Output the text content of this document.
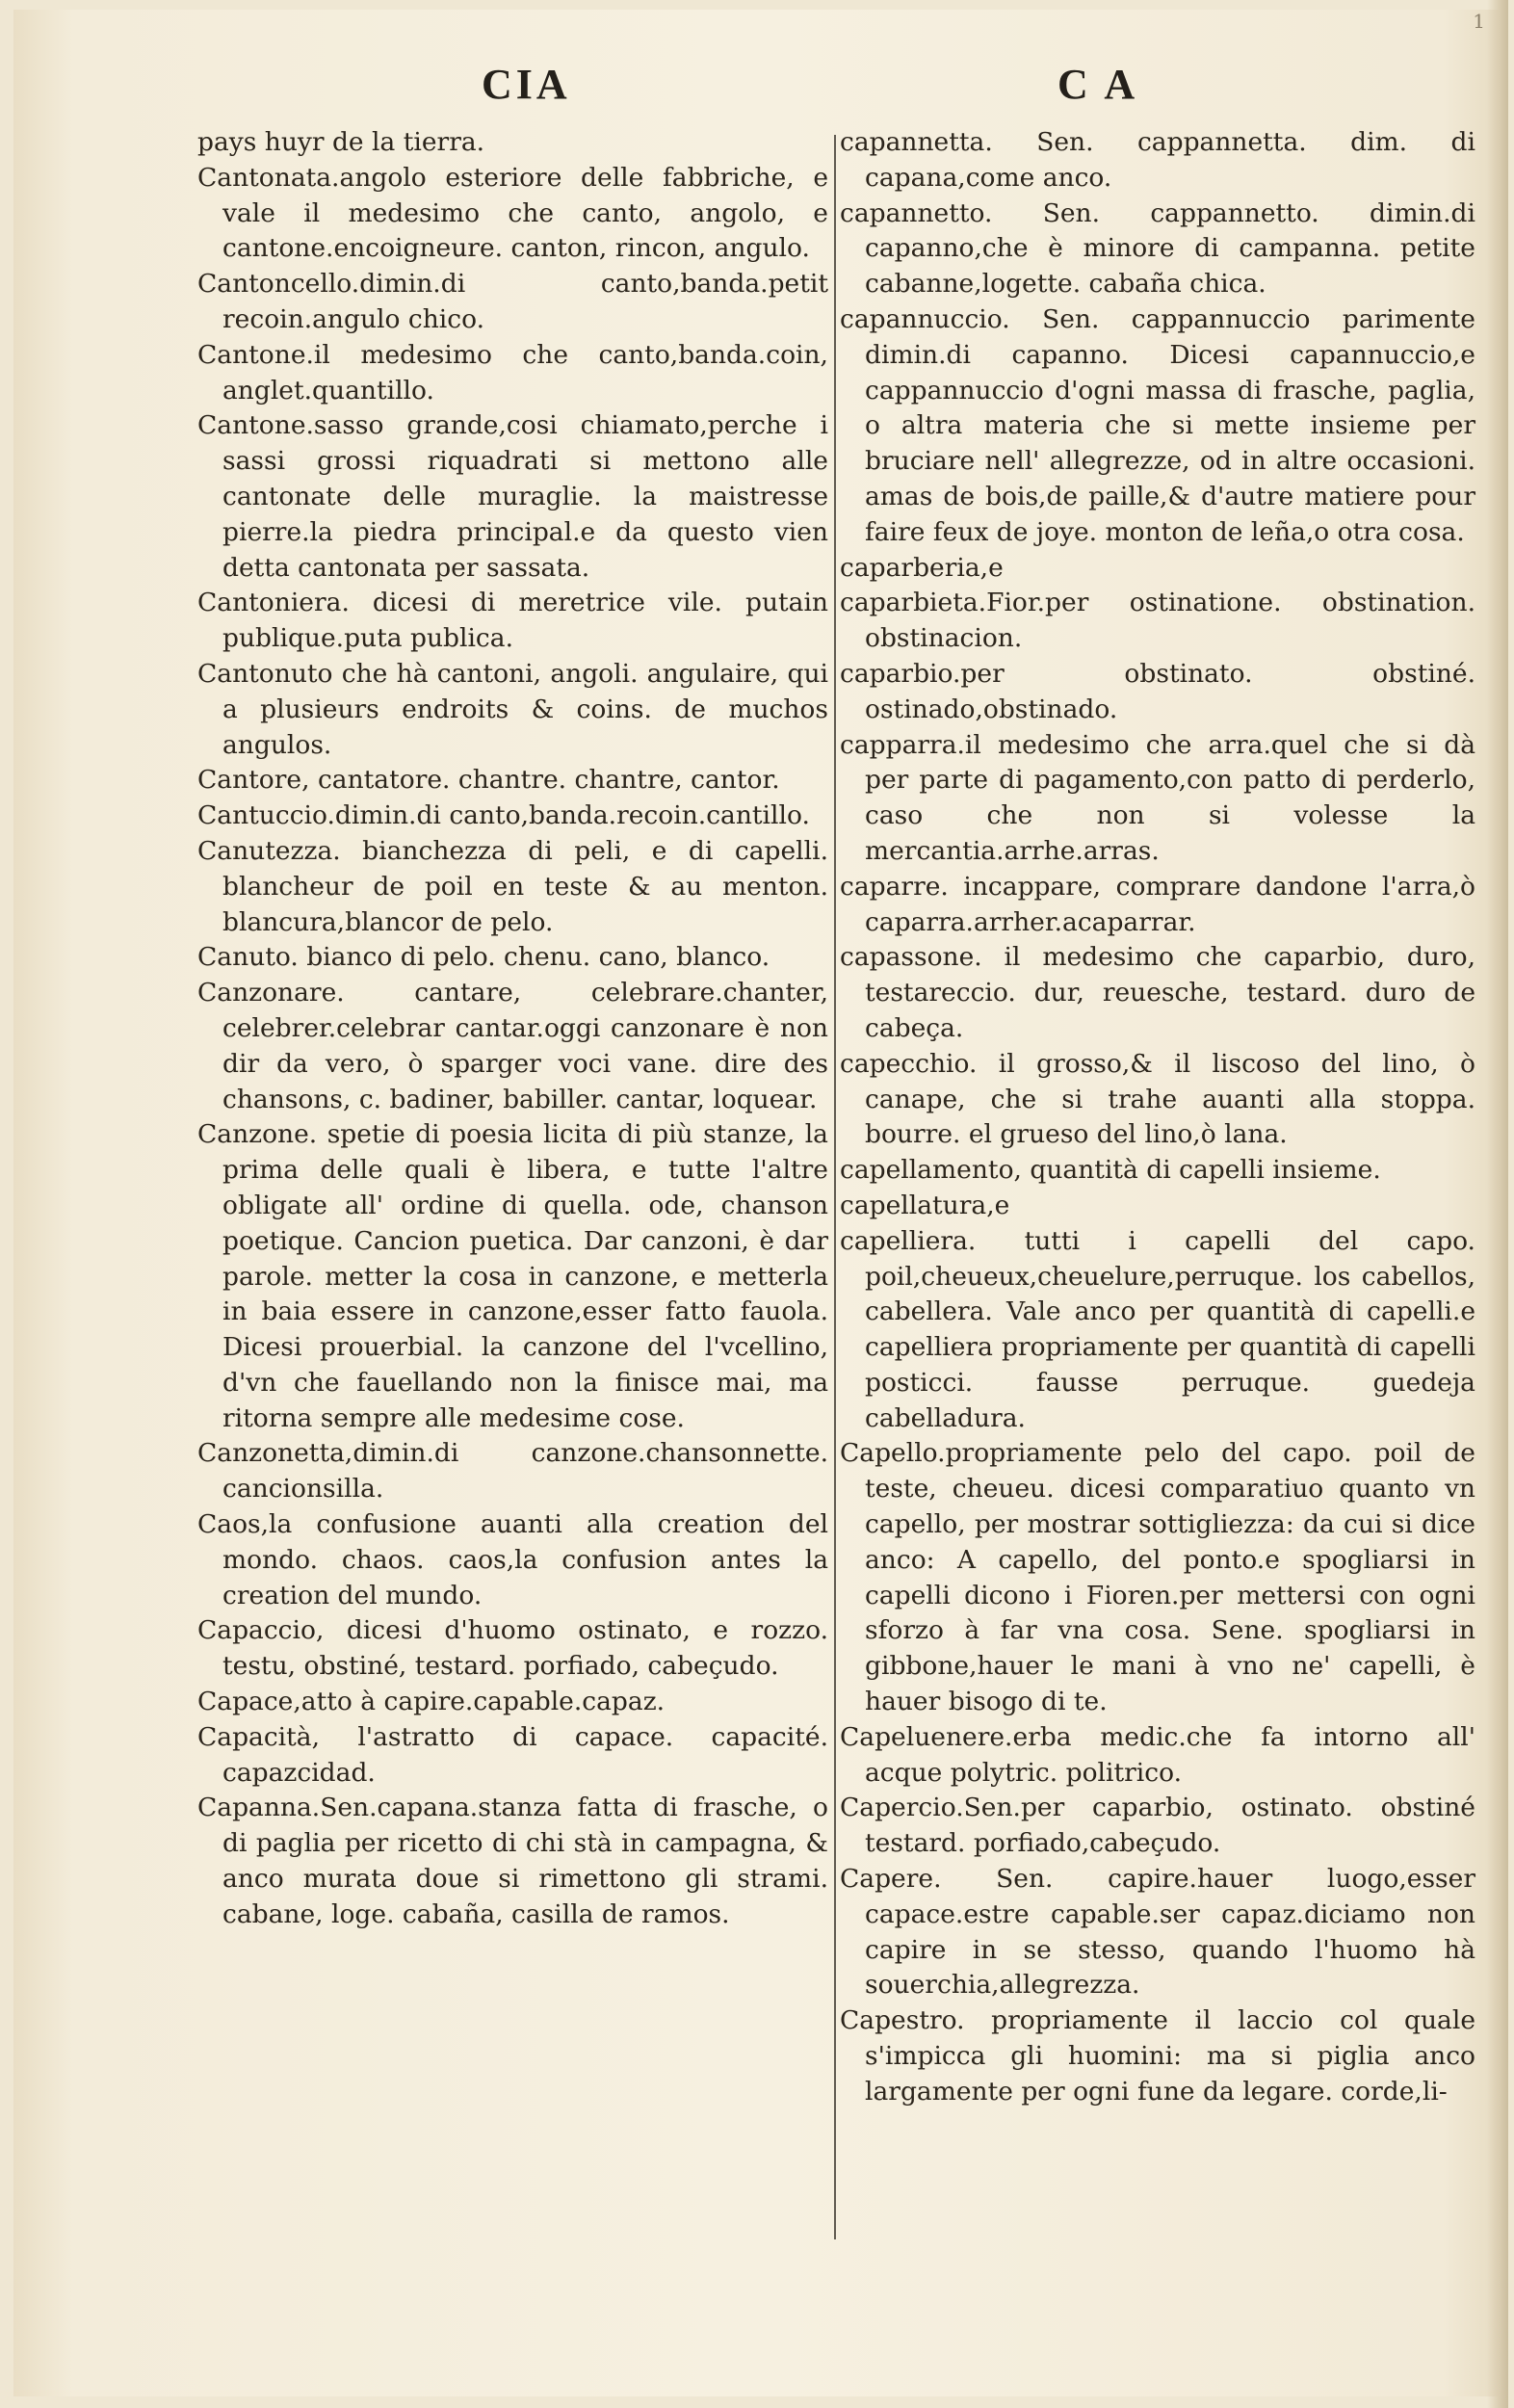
1
CIA	C A

pays huyr de la tierra.

Cantonata.angolo esteriore delle fabbriche, e vale il medesimo che canto, angolo, e cantone.encoigneure. canton, rincon, angulo.

Cantoncello.dimin.di canto,banda.petit recoin.angulo chico.

Cantone.il medesimo che canto,banda.coin, anglet.quantillo.

Cantone.sasso grande,cosi chiamato,perche i sassi grossi riquadrati si mettono alle cantonate delle muraglie. la maistresse pierre.la piedra principal.e da questo vien detta cantonata per sassata.

Cantoniera. dicesi di meretrice vile. putain publique.puta publica.

Cantonuto che hà cantoni, angoli. angulaire, qui a plusieurs endroits & coins. de muchos angulos.

Cantore, cantatore. chantre. chantre, cantor.

Cantuccio.dimin.di canto,banda.recoin.cantillo.

Canutezza. bianchezza di peli, e di capelli. blancheur de poil en teste & au menton. blancura,blancor de pelo.

Canuto. bianco di pelo. chenu. cano, blanco.

Canzonare. cantare, celebrare.chanter, celebrer.celebrar cantar.oggi canzonare è non dir da vero, ò sparger voci vane. dire des chansons, c. badiner, babiller. cantar, loquear.

Canzone. spetie di poesia licita di più stanze, la prima delle quali è libera, e tutte l'altre obligate all' ordine di quella. ode, chanson poetique. Cancion puetica. Dar canzoni, è dar parole. metter la cosa in canzone, e metterla in baia essere in canzone,esser fatto fauola. Dicesi prouerbial. la canzone del l'vcellino, d'vn che fauellando non la finisce mai, ma ritorna sempre alle medesime cose.

Canzonetta,dimin.di canzone.chansonnette. cancionsilla.

Caos,la confusione auanti alla creation del mondo. chaos. caos,la confusion antes la creation del mundo.

Capaccio, dicesi d'huomo ostinato, e rozzo. testu, obstiné, testard. porfiado, cabeçudo.

Capace,atto à capire.capable.capaz.

Capacità, l'astratto di capace. capacité. capazcidad.

Capanna.Sen.capana.stanza fatta di frasche, o di paglia per ricetto di chi stà in campagna, & anco murata doue si rimettono gli strami. cabane, loge. cabaña, casilla de ramos.

capannetta. Sen. cappannetta. dim. di capana,come anco.

capannetto. Sen. cappannetto. dimin.di capanno,che è minore di campanna. petite cabanne,logette. cabaña chica.

capannuccio. Sen. cappannuccio parimente dimin.di capanno. Dicesi capannuccio,e cappannuccio d'ogni massa di frasche, paglia, o altra materia che si mette insieme per bruciare nell' allegrezze, od in altre occasioni. amas de bois,de paille,& d'autre matiere pour faire feux de joye. monton de leña,o otra cosa.

caparberia,e

caparbieta.Fior.per ostinatione. obstination. obstinacion.

caparbio.per obstinato. obstiné. ostinado,obstinado.

capparra.il medesimo che arra.quel che si dà per parte di pagamento,con patto di perderlo, caso che non si volesse la mercantia.arrhe.arras.

caparre. incappare, comprare dandone l'arra,ò caparra.arrher.acaparrar.

capassone. il medesimo che caparbio, duro, testareccio. dur, reuesche, testard. duro de cabeça.

capecchio. il grosso,& il liscoso del lino, ò canape, che si trahe auanti alla stoppa. bourre. el grueso del lino,ò lana.

capellamento, quantità di capelli insieme.

capellatura,e

capelliera. tutti i capelli del capo. poil,cheueux,cheuelure,perruque. los cabellos, cabellera. Vale anco per quantità di capelli.e capelliera propriamente per quantità di capelli posticci. fausse perruque. guedeja cabelladura.

Capello.propriamente pelo del capo. poil de teste, cheueu. dicesi comparatiuo quanto vn capello, per mostrar sottigliezza: da cui si dice anco: A capello, del ponto.e spogliarsi in capelli dicono i Fioren.per mettersi con ogni sforzo à far vna cosa. Sene. spogliarsi in gibbone,hauer le mani à vno ne' capelli, è hauer bisogo di te.

Capeluenere.erba medic.che fa intorno all' acque polytric. politrico.

Capercio.Sen.per caparbio, ostinato. obstiné testard. porfiado,cabeçudo.

Capere. Sen. capire.hauer luogo,esser capace.estre capable.ser capaz.diciamo non capire in se stesso, quando l'huomo hà souerchia,allegrezza.

Capestro. propriamente il laccio col quale s'impicca gli huomini: ma si piglia anco largamente per ogni fune da legare. corde,li-
